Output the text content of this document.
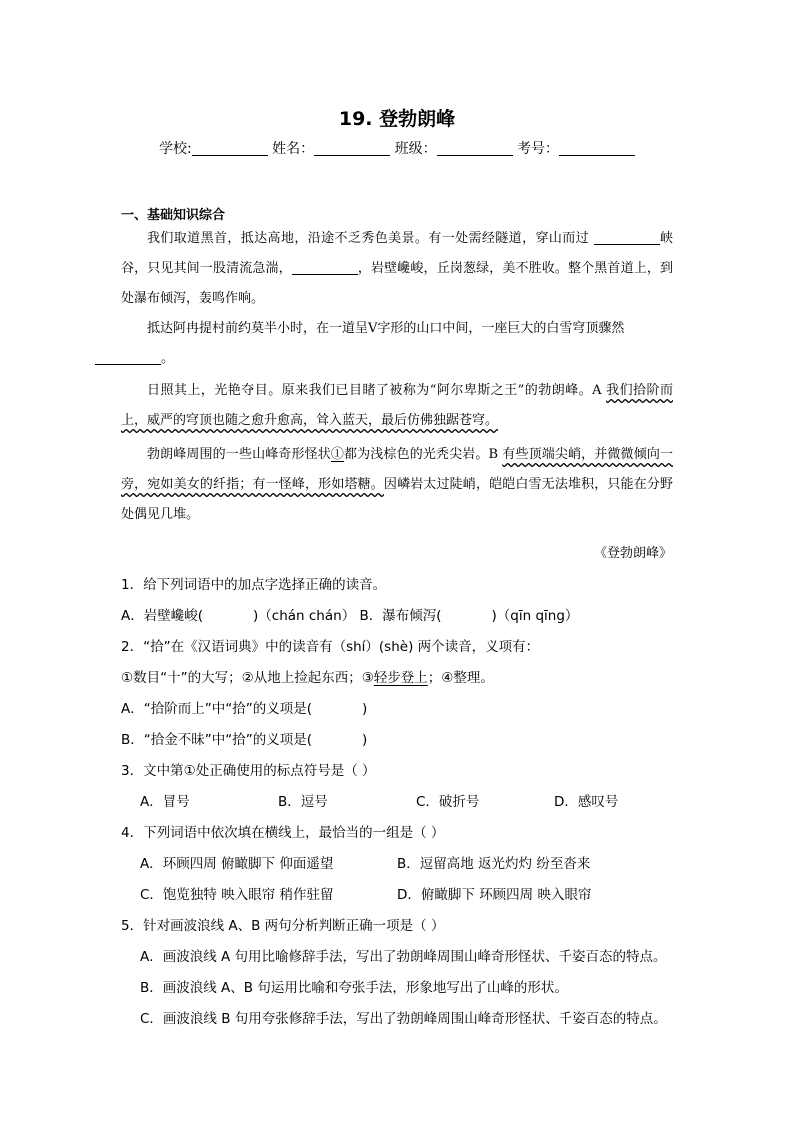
19. 登勃朗峰
学校:	姓名：	班级：	考号：
一、基础知识综合
我们取道黑首，抵达高地，沿途不乏秀色美景。有一处需经隧道，穿山而过	峡谷，只见其间一股清流急湍，	，岩壁巉峻，丘岗葱绿，美不胜收。整个黑首道上，到处瀑布倾泻，轰鸣作响。
抵达阿冉提村前约莫半小时，在一道呈Ⅴ字形的山口中间，一座巨大的白雪穹顶骤然
。
日照其上，光艳夺目。原来我们已目睹了被称为“阿尔卑斯之王”的勃朗峰。A 我们拾阶而上，威严的穹顶也随之愈升愈高，耸入蓝天，最后仿佛独踞苍穹。
勃朗峰周围的一些山峰奇形怪状①都为浅棕色的光秃尖岩。B 有些顶端尖峭，并微微倾向一旁，宛如美女的纤指；有一怪峰，形如塔糖。因嶙岩太过陡峭，皑皑白雪无法堆积，只能在分野处偶见几堆。
《登勃朗峰》
1．给下列词语中的加点字选择正确的读音。
A．岩壁巉峻(	)（chán chán） B．瀑布倾泻(	)（qīn qīng）
2．“拾”在《汉语词典》中的读音有（shí）(shè) 两个读音，义项有：
①数目“十”的大写；②从地上捡起东西；③轻步登上；④整理。
A．“拾阶而上”中“拾”的义项是(	)
B．“拾金不昧”中“拾”的义项是(	)
3．文中第①处正确使用的标点符号是（ ）
A．冒号	B．逗号	C．破折号	D．感叹号
4．下列词语中依次填在横线上，最恰当的一组是（ ）
A．环顾四周 俯瞰脚下 仰面遥望	B．逗留高地 返光灼灼 纷至沓来
C．饱览独特 映入眼帘 稍作驻留	D．俯瞰脚下 环顾四周 映入眼帘
5．针对画波浪线 A、B 两句分析判断正确一项是（ ）
A．画波浪线 A 句用比喻修辞手法，写出了勃朗峰周围山峰奇形怪状、千姿百态的特点。
B．画波浪线 A、B 句运用比喻和夸张手法，形象地写出了山峰的形状。
C．画波浪线 B 句用夸张修辞手法，写出了勃朗峰周围山峰奇形怪状、千姿百态的特点。
